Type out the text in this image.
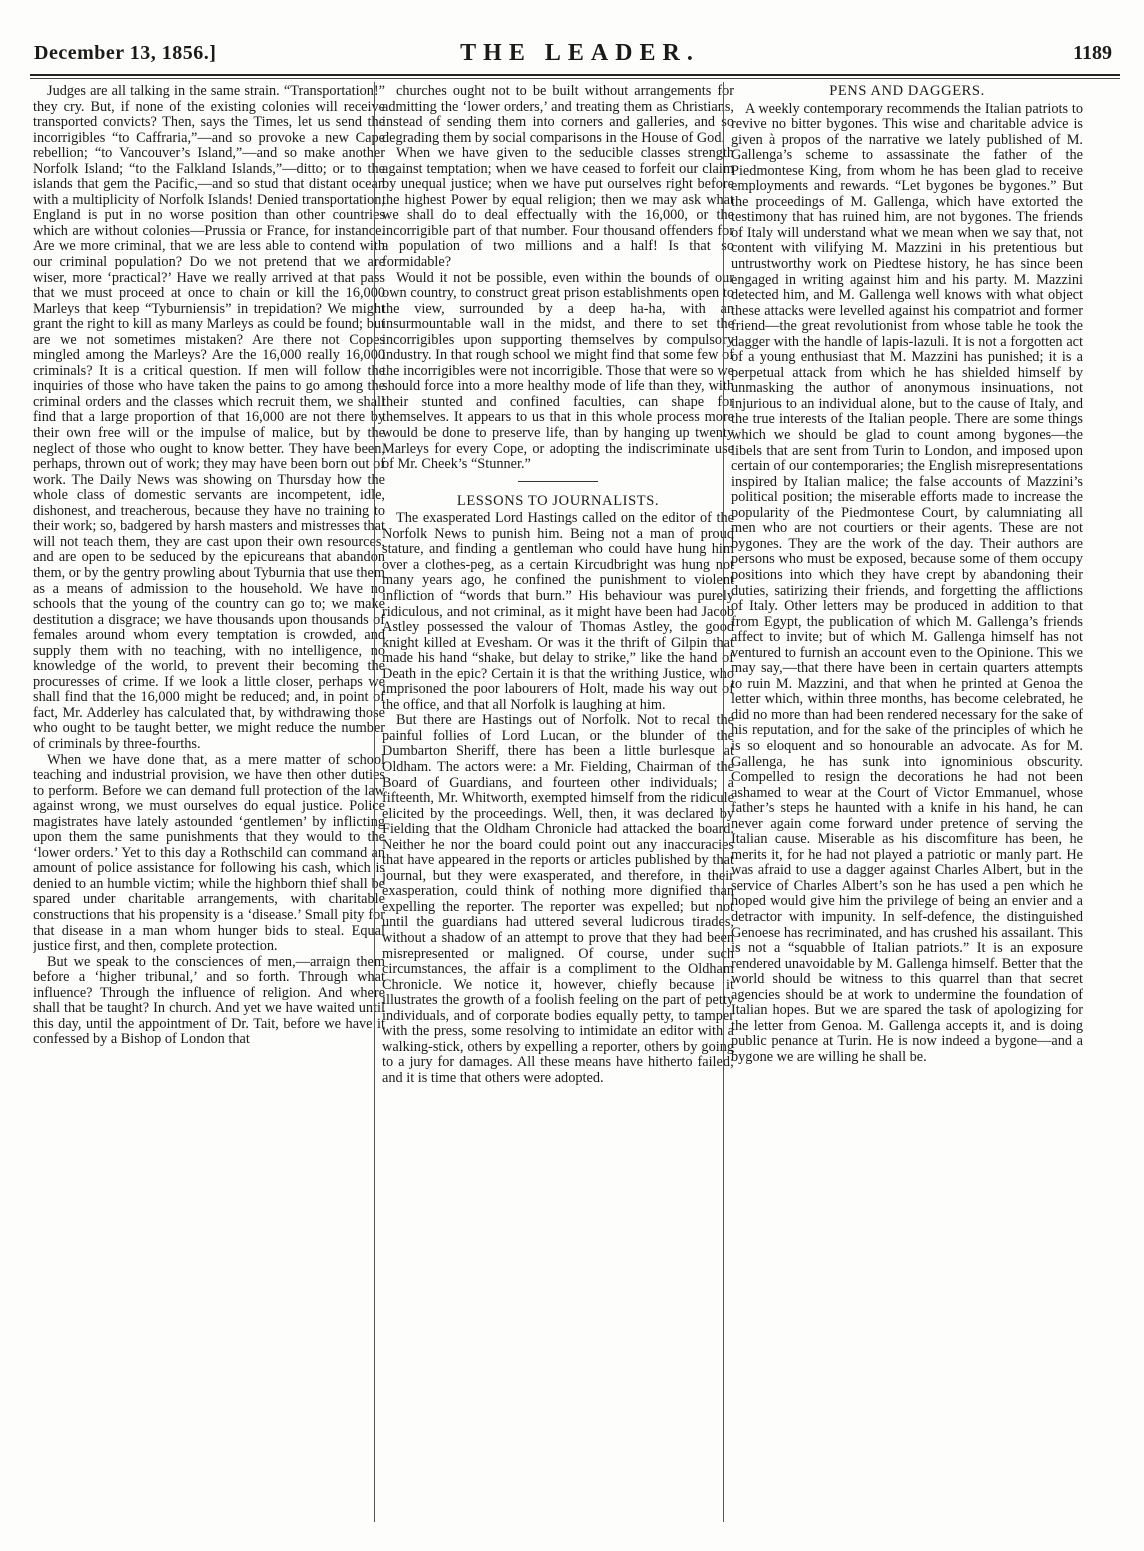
December 13, 1856.]	THE LEADER.	1189

Judges are all talking in the same strain. “Transportation!” they cry. But, if none of the existing colonies will receive transported convicts? Then, says the Times, let us send the incorrigibles “to Caffraria,”—and so provoke a new Cape rebellion; “to Vancouver’s Island,”—and so make another Norfolk Island; “to the Falkland Islands,”—ditto; or to the islands that gem the Pacific,—and so stud that distant ocean with a multiplicity of Norfolk Islands! Denied transportation, England is put in no worse position than other countries which are without colonies—Prussia or France, for instance. Are we more criminal, that we are less able to contend with our criminal population? Do we not pretend that we are wiser, more ‘practical?’ Have we really arrived at that pass that we must proceed at once to chain or kill the 16,000 Marleys that keep “Tyburniensis” in trepidation? We might grant the right to kill as many Marleys as could be found; but are we not sometimes mistaken? Are there not Copes mingled among the Marleys? Are the 16,000 really 16,000 criminals? It is a critical question. If men will follow the inquiries of those who have taken the pains to go among the criminal orders and the classes which recruit them, we shall find that a large proportion of that 16,000 are not there by their own free will or the impulse of malice, but by the neglect of those who ought to know better. They have been, perhaps, thrown out of work; they may have been born out of work. The Daily News was showing on Thursday how the whole class of domestic servants are incompetent, idle, dishonest, and treacherous, because they have no training to their work; so, badgered by harsh masters and mistresses that will not teach them, they are cast upon their own resources, and are open to be seduced by the epicureans that abandon them, or by the gentry prowling about Tyburnia that use them as a means of admission to the household. We have no schools that the young of the country can go to; we make destitution a disgrace; we have thousands upon thousands of females around whom every temptation is crowded, and supply them with no teaching, with no intelligence, no knowledge of the world, to prevent their becoming the procuresses of crime. If we look a little closer, perhaps we shall find that the 16,000 might be reduced; and, in point of fact, Mr. Adderley has calculated that, by withdrawing those who ought to be taught better, we might reduce the number of criminals by three-fourths.

When we have done that, as a mere matter of school teaching and industrial provision, we have then other duties to perform. Before we can demand full protection of the law against wrong, we must ourselves do equal justice. Police magistrates have lately astounded ‘gentlemen’ by inflicting upon them the same punishments that they would to the ‘lower orders.’ Yet to this day a Rothschild can command an amount of police assistance for following his cash, which is denied to an humble victim; while the highborn thief shall be spared under charitable arrangements, with charitable constructions that his propensity is a ‘disease.’ Small pity for that disease in a man whom hunger bids to steal. Equal justice first, and then, complete protection.

But we speak to the consciences of men,—arraign them before a ‘higher tribunal,’ and so forth. Through what influence? Through the influence of religion. And where shall that be taught? In church. And yet we have waited until this day, until the appointment of Dr. Tait, before we have it confessed by a Bishop of London that

churches ought not to be built without arrangements for admitting the ‘lower orders,’ and treating them as Christians, instead of sending them into corners and galleries, and so degrading them by social comparisons in the House of God.

When we have given to the seducible classes strength against temptation; when we have ceased to forfeit our claim by unequal justice; when we have put ourselves right before the highest Power by equal religion; then we may ask what we shall do to deal effectually with the 16,000, or the incorrigible part of that number. Four thousand offenders for a population of two millions and a half! Is that so formidable?

Would it not be possible, even within the bounds of our own country, to construct great prison establishments open to the view, surrounded by a deep ha-ha, with an insurmountable wall in the midst, and there to set the incorrigibles upon supporting themselves by compulsory industry. In that rough school we might find that some few of the incorrigibles were not incorrigible. Those that were so we should force into a more healthy mode of life than they, with their stunted and confined faculties, can shape for themselves. It appears to us that in this whole process more would be done to preserve life, than by hanging up twenty Marleys for every Cope, or adopting the indiscriminate use of Mr. Cheek’s “Stunner.”

LESSONS TO JOURNALISTS.

The exasperated Lord Hastings called on the editor of the Norfolk News to punish him. Being not a man of proud stature, and finding a gentleman who could have hung him over a clothes-peg, as a certain Kircudbright was hung not many years ago, he confined the punishment to violent infliction of “words that burn.” His behaviour was purely ridiculous, and not criminal, as it might have been had Jacob Astley possessed the valour of Thomas Astley, the good knight killed at Evesham. Or was it the thrift of Gilpin that made his hand “shake, but delay to strike,” like the hand of Death in the epic? Certain it is that the writhing Justice, who imprisoned the poor labourers of Holt, made his way out of the office, and that all Norfolk is laughing at him.

But there are Hastings out of Norfolk. Not to recal the painful follies of Lord Lucan, or the blunder of the Dumbarton Sheriff, there has been a little burlesque at Oldham. The actors were: a Mr. Fielding, Chairman of the Board of Guardians, and fourteen other individuals; a fifteenth, Mr. Whitworth, exempted himself from the ridicule elicited by the proceedings. Well, then, it was declared by Fielding that the Oldham Chronicle had attacked the board. Neither he nor the board could point out any inaccuracies that have appeared in the reports or articles published by that journal, but they were exasperated, and therefore, in their exasperation, could think of nothing more dignified than expelling the reporter. The reporter was expelled; but not until the guardians had uttered several ludicrous tirades, without a shadow of an attempt to prove that they had been misrepresented or maligned. Of course, under such circumstances, the affair is a compliment to the Oldham Chronicle. We notice it, however, chiefly because it illustrates the growth of a foolish feeling on the part of petty individuals, and of corporate bodies equally petty, to tamper with the press, some resolving to intimidate an editor with a walking-stick, others by expelling a reporter, others by going to a jury for damages. All these means have hitherto failed; and it is time that others were adopted.

PENS AND DAGGERS.

A weekly contemporary recommends the Italian patriots to revive no bitter bygones. This wise and charitable advice is given à propos of the narrative we lately published of M. Gallenga’s scheme to assassinate the father of the Piedmontese King, from whom he has been glad to receive employments and rewards. “Let bygones be bygones.” But the proceedings of M. Gallenga, which have extorted the testimony that has ruined him, are not bygones. The friends of Italy will understand what we mean when we say that, not content with vilifying M. Mazzini in his pretentious but untrustworthy work on Piedtese history, he has since been engaged in writing against him and his party. M. Mazzini detected him, and M. Gallenga well knows with what object these attacks were levelled against his compatriot and former friend—the great revolutionist from whose table he took the dagger with the handle of lapis-lazuli. It is not a forgotten act of a young enthusiast that M. Mazzini has punished; it is a perpetual attack from which he has shielded himself by unmasking the author of anonymous insinuations, not injurious to an individual alone, but to the cause of Italy, and the true interests of the Italian people. There are some things which we should be glad to count among bygones—the libels that are sent from Turin to London, and imposed upon certain of our contemporaries; the English misrepresentations inspired by Italian malice; the false accounts of Mazzini’s political position; the miserable efforts made to increase the popularity of the Piedmontese Court, by calumniating all men who are not courtiers or their agents. These are not bygones. They are the work of the day. Their authors are persons who must be exposed, because some of them occupy positions into which they have crept by abandoning their duties, satirizing their friends, and forgetting the afflictions of Italy. Other letters may be produced in addition to that from Egypt, the publication of which M. Gallenga’s friends affect to invite; but of which M. Gallenga himself has not ventured to furnish an account even to the Opinione. This we may say,—that there have been in certain quarters attempts to ruin M. Mazzini, and that when he printed at Genoa the letter which, within three months, has become celebrated, he did no more than had been rendered necessary for the sake of his reputation, and for the sake of the principles of which he is so eloquent and so honourable an advocate. As for M. Gallenga, he has sunk into ignominious obscurity. Compelled to resign the decorations he had not been ashamed to wear at the Court of Victor Emmanuel, whose father’s steps he haunted with a knife in his hand, he can never again come forward under pretence of serving the Italian cause. Miserable as his discomfiture has been, he merits it, for he had not played a patriotic or manly part. He was afraid to use a dagger against Charles Albert, but in the service of Charles Albert’s son he has used a pen which he hoped would give him the privilege of being an envier and a detractor with impunity. In self-defence, the distinguished Genoese has recriminated, and has crushed his assailant. This is not a “squabble of Italian patriots.” It is an exposure rendered unavoidable by M. Gallenga himself. Better that the world should be witness to this quarrel than that secret agencies should be at work to undermine the foundation of Italian hopes. But we are spared the task of apologizing for the letter from Genoa. M. Gallenga accepts it, and is doing public penance at Turin. He is now indeed a bygone—and a bygone we are willing he shall be.
